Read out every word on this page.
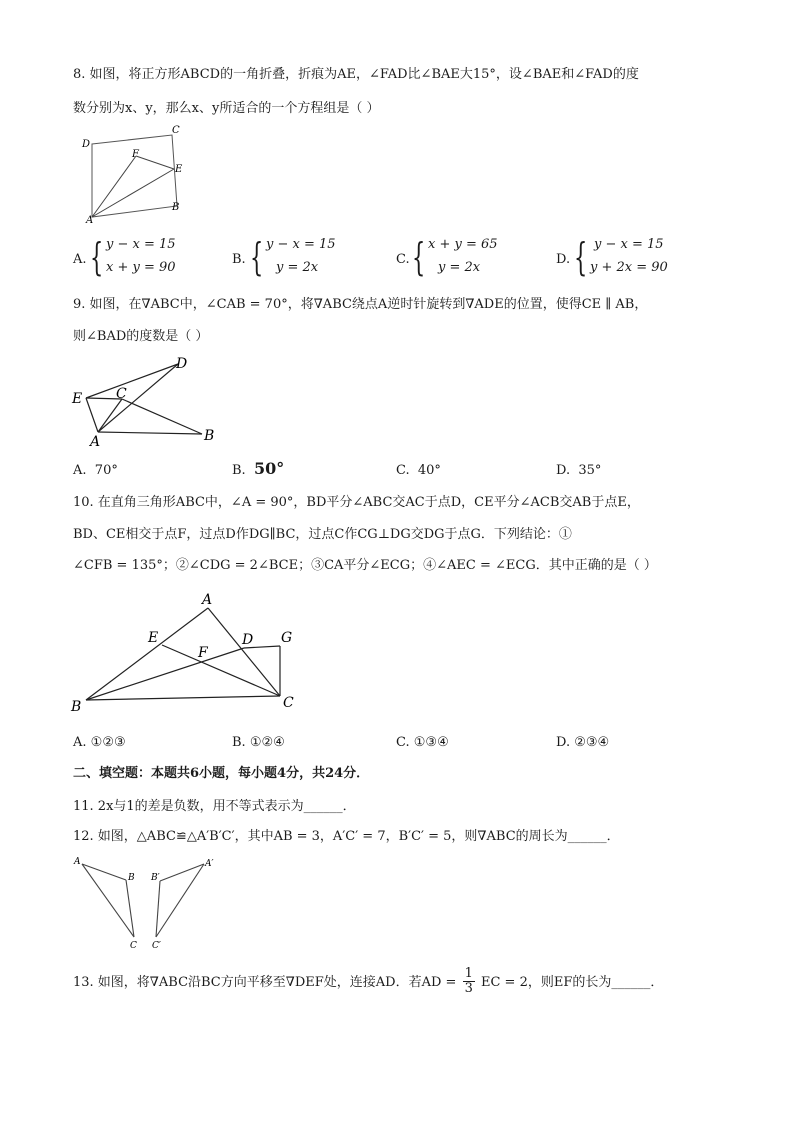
8. 如图，将正方形ABCD的一角折叠，折痕为AE，∠FAD比∠BAE大15°，设∠BAE和∠FAD的度
数分别为x、y，那么x、y所适合的一个方程组是（ ）
D
C
F
E
A
B
A. { y − x = 15
x + y = 90
B. { y − x = 15
y = 2x
C. { x + y = 65
y = 2x
D. { y − x = 15
y + 2x = 90
9. 如图，在∇ABC中，∠CAB = 70°，将∇ABC绕点A逆时针旋转到∇ADE的位置，使得CE ∥ AB，
则∠BAD的度数是（ ）
D
E C
A	B
A. 70°	B. 50°	C. 40°	D. 35°
10. 在直角三角形ABC中，∠A = 90°，BD平分∠ABC交AC于点D，CE平分∠ACB交AB于点E，
BD、CE相交于点F，过点D作DG∥BC，过点C作CG⊥DG交DG于点G．下列结论：①
∠CFB = 135°；②∠CDG = 2∠BCE；③CA平分∠ECG；④∠AEC = ∠ECG．其中正确的是（ ）
A
E	D G
F
B	C
A. ①②③	B. ①②④	C. ①③④	D. ②③④
二、填空题：本题共6小题，每小题4分，共24分．
11. 2x与1的差是负数，用不等式表示为______．
12. 如图，△ABC≌△A′B′C′，其中AB = 3，A′C′ = 7，B′C′ = 5，则∇ABC的周长为______．
A
B
C
B′
A′
C′
13. 如图，将∇ABC沿BC方向平移至∇DEF处，连接AD．若AD = $\frac{1}{3}$ EC = 2，则EF的长为______．
